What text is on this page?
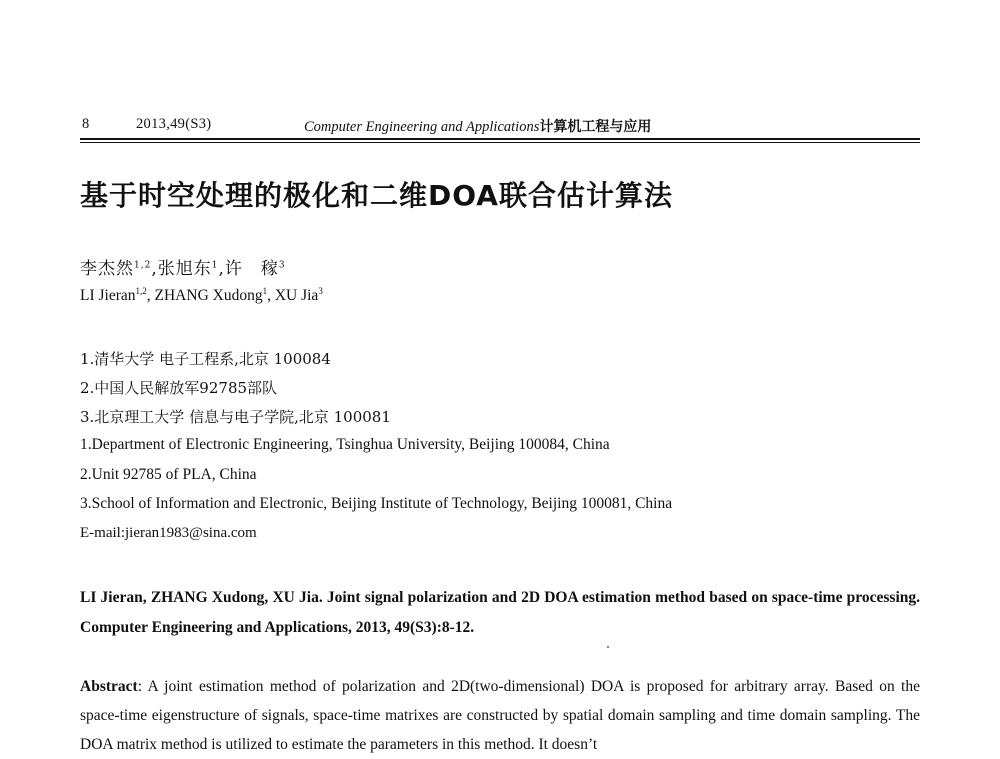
8	2013,49(S3)	Computer Engineering and Applications计算机工程与应用
基于时空处理的极化和二维DOA联合估计算法
李杰然$^{1,2}$,张旭东$^1$,许　稼$^3$
LI Jieran$^{1,2}$, ZHANG Xudong$^1$, XU Jia$^3$
1.清华大学 电子工程系,北京 100084
2.中国人民解放军92785部队
3.北京理工大学 信息与电子学院,北京 100081
1.Department of Electronic Engineering, Tsinghua University, Beijing 100084, China
2.Unit 92785 of PLA, China
3.School of Information and Electronic, Beijing Institute of Technology, Beijing 100081, China
E-mail:jieran1983@sina.com
LI Jieran, ZHANG Xudong, XU Jia. Joint signal polarization and 2D DOA estimation method based on space-time processing. Computer Engineering and Applications, 2013, 49(S3):8-12.
Abstract: A joint estimation method of polarization and 2D(two-dimensional) DOA is proposed for arbitrary array. Based on the space-time eigenstructure of signals, space-time matrixes are constructed by spatial domain sampling and time domain sampling. The DOA matrix method is utilized to estimate the parameters in this method. It doesn’t
